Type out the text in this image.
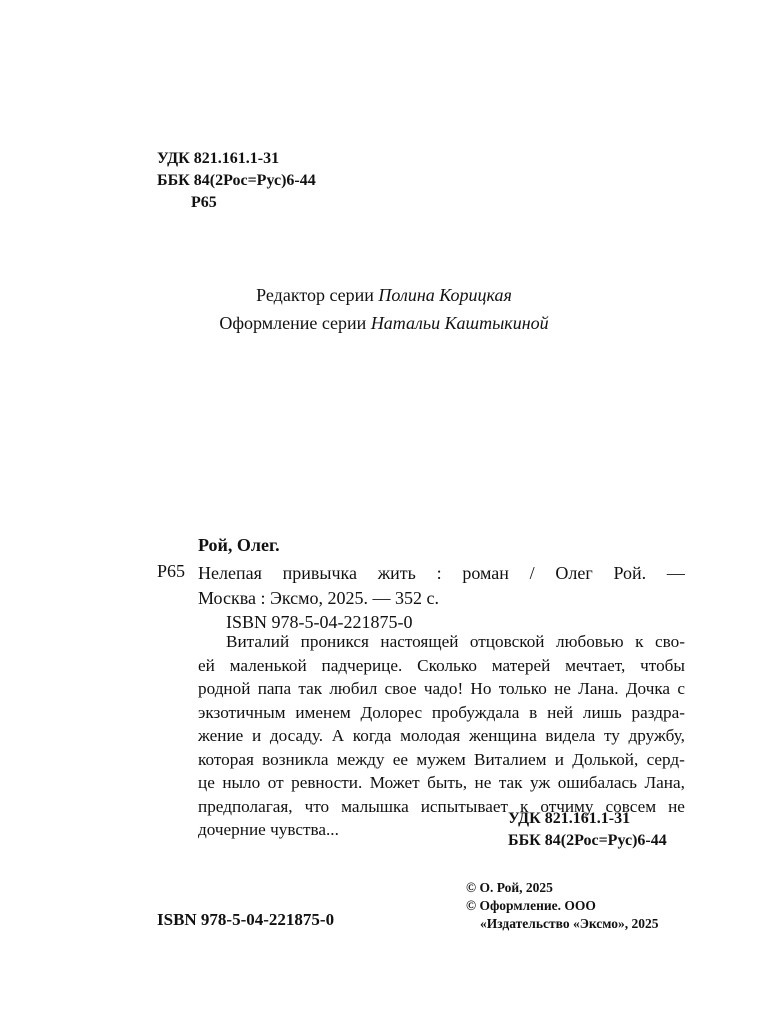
УДК 821.161.1-31
ББК 84(2Рос=Рус)6-44
Р65
Редактор серии Полина Корицкая
Оформление серии Натальи Каштыкиной
Рой, Олег.
Р65 Нелепая привычка жить : роман / Олег Рой. —
Москва : Эксмо, 2025. — 352 с.
ISBN 978-5-04-221875-0
Виталий проникся настоящей отцовской любовью к сво-
ей маленькой падчерице. Сколько матерей мечтает, чтобы
родной папа так любил свое чадо! Но только не Лана. Дочка с
экзотичным именем Долорес пробуждала в ней лишь раздра-
жение и досаду. А когда молодая женщина видела ту дружбу,
которая возникла между ее мужем Виталием и Долькой, серд-
це ныло от ревности. Может быть, не так уж ошибалась Лана,
предполагая, что малышка испытывает к отчиму совсем не
дочерние чувства...
УДК 821.161.1-31
ББК 84(2Рос=Рус)6-44
© О. Рой, 2025
© Оформление. ООО
«Издательство «Эксмо», 2025
ISBN 978-5-04-221875-0
